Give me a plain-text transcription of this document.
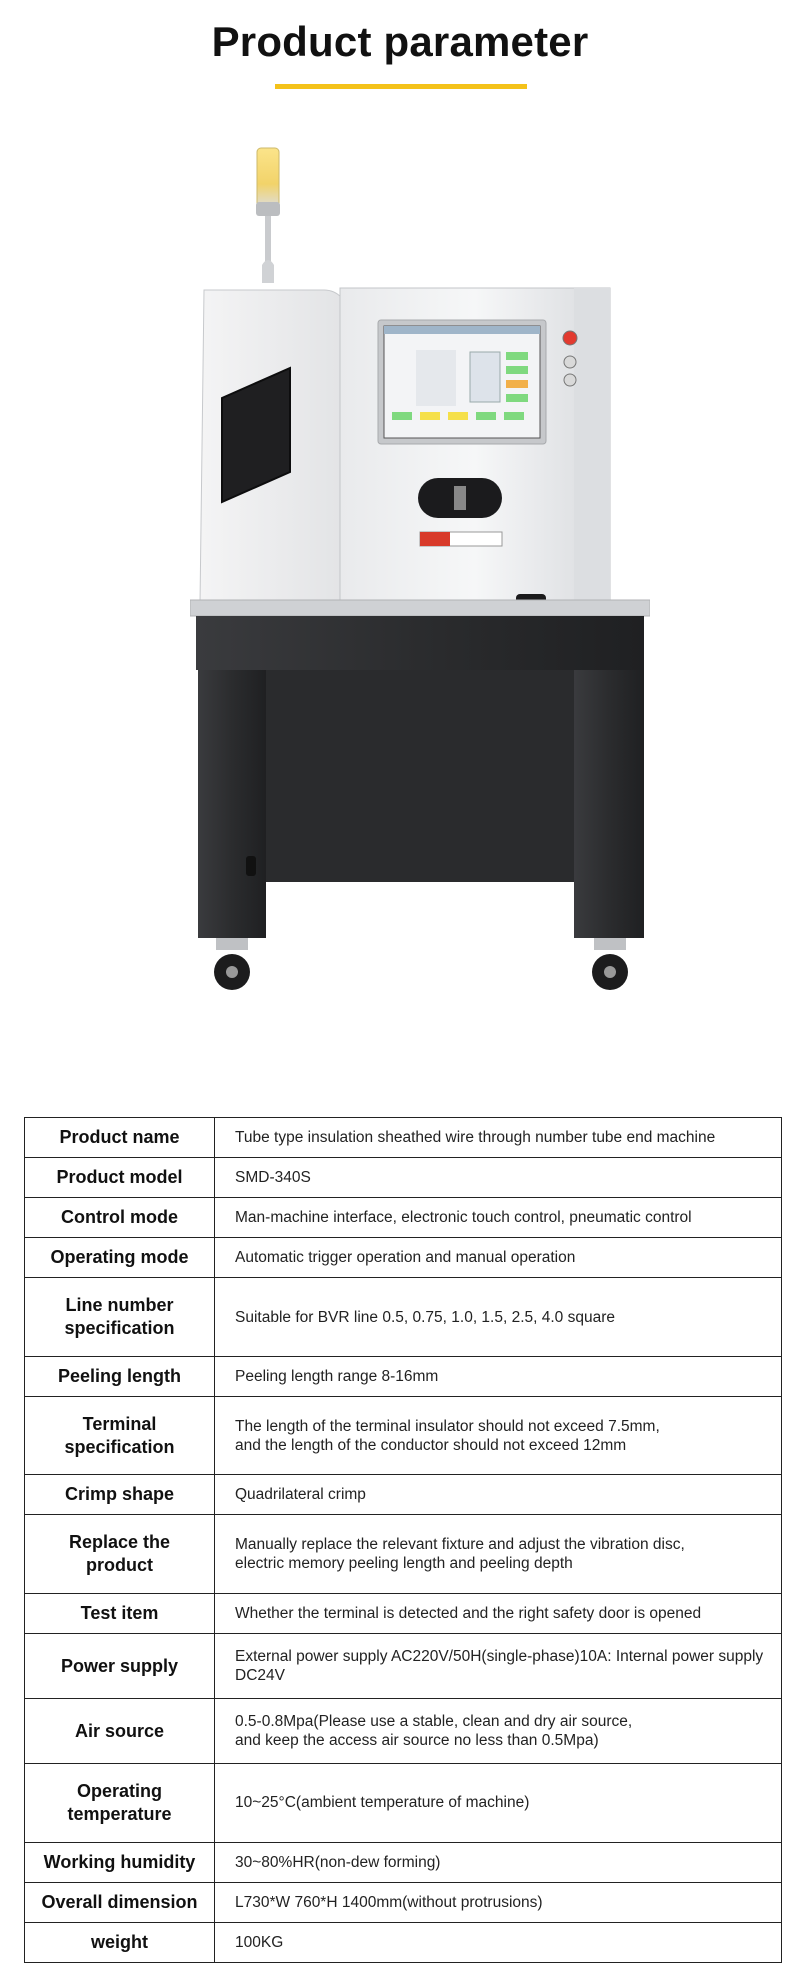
Product parameter
Product name	Tube type insulation sheathed wire through number tube end machine
Product model	SMD-340S
Control mode	Man-machine interface, electronic touch control, pneumatic control
Operating mode	Automatic trigger operation and manual operation
Line number specification	Suitable for BVR line 0.5, 0.75, 1.0, 1.5, 2.5, 4.0 square
Peeling length	Peeling length range 8-16mm
Terminal specification	The length of the terminal insulator should not exceed 7.5mm,
and the length of the conductor should not exceed 12mm
Crimp shape	Quadrilateral crimp
Replace the product	Manually replace the relevant fixture and adjust the vibration disc,
electric memory peeling length and peeling depth
Test item	Whether the terminal is detected and the right safety door is opened
Power supply	External power supply AC220V/50H(single-phase)10A: Internal power supply DC24V
Air source	0.5-0.8Mpa(Please use a stable, clean and dry air source,
and keep the access air source no less than 0.5Mpa)
Operating temperature	10~25°C(ambient temperature of machine)
Working humidity	30~80%HR(non-dew forming)
Overall dimension	L730*W 760*H 1400mm(without protrusions)
weight	100KG
